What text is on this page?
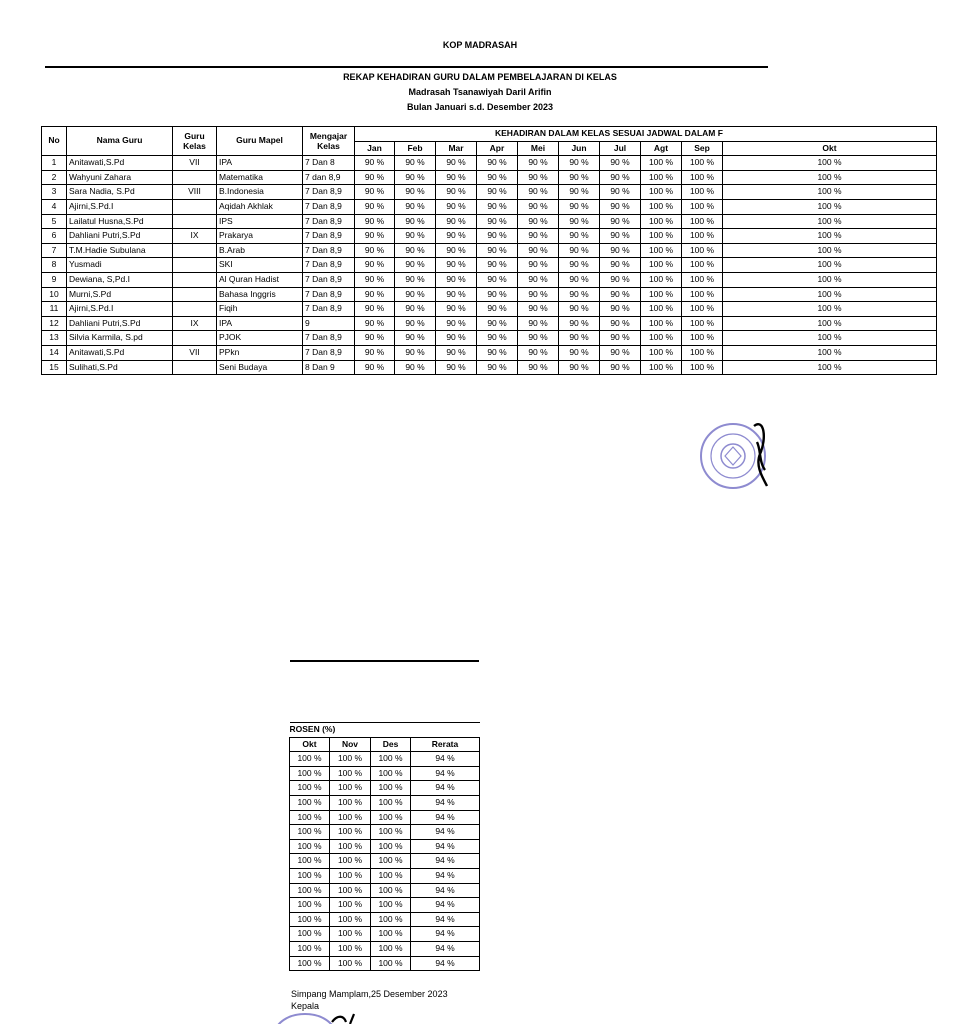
KOP MADRASAH
REKAP KEHADIRAN GURU DALAM PEMBELAJARAN DI KELAS
Madrasah Tsanawiyah Daril Arifin
Bulan Januari s.d. Desember 2023
No	Nama Guru	Guru Kelas	Guru Mapel	Mengajar Kelas	KEHADIRAN DALAM KELAS SESUAI JADWAL DALAM F									
					Jan	Feb	Mar	Apr	Mei	Jun	Jul	Agt	Sep	Okt
1	Anitawati,S.Pd	VII	IPA	7 Dan 8	90 %	90 %	90 %	90 %	90 %	90 %	90 %	100 %	100 %	100 %
2	Wahyuni Zahara		Matematika	7 dan 8,9	90 %	90 %	90 %	90 %	90 %	90 %	90 %	100 %	100 %	100 %
3	Sara Nadia, S.Pd	VIII	B.Indonesia	7 Dan 8,9	90 %	90 %	90 %	90 %	90 %	90 %	90 %	100 %	100 %	100 %
4	Ajirni,S.Pd.I		Aqidah Akhlak	7 Dan 8,9	90 %	90 %	90 %	90 %	90 %	90 %	90 %	100 %	100 %	100 %
5	Lailatul Husna,S.Pd		IPS	7 Dan 8,9	90 %	90 %	90 %	90 %	90 %	90 %	90 %	100 %	100 %	100 %
6	Dahliani Putri,S.Pd	IX	Prakarya	7 Dan 8,9	90 %	90 %	90 %	90 %	90 %	90 %	90 %	100 %	100 %	100 %
7	T.M.Hadie Subulana		B.Arab	7 Dan 8,9	90 %	90 %	90 %	90 %	90 %	90 %	90 %	100 %	100 %	100 %
8	Yusmadi		SKI	7 Dan 8,9	90 %	90 %	90 %	90 %	90 %	90 %	90 %	100 %	100 %	100 %
9	Dewiana, S,Pd.I		Al Quran Hadist	7 Dan 8,9	90 %	90 %	90 %	90 %	90 %	90 %	90 %	100 %	100 %	100 %
10	Murni,S.Pd		Bahasa Inggris	7 Dan 8,9	90 %	90 %	90 %	90 %	90 %	90 %	90 %	100 %	100 %	100 %
11	Ajirni,S.Pd.I		Fiqih	7 Dan 8,9	90 %	90 %	90 %	90 %	90 %	90 %	90 %	100 %	100 %	100 %
12	Dahliani Putri,S.Pd	IX	IPA	9	90 %	90 %	90 %	90 %	90 %	90 %	90 %	100 %	100 %	100 %
13	Silvia Karmila, S.pd		PJOK	7 Dan 8,9	90 %	90 %	90 %	90 %	90 %	90 %	90 %	100 %	100 %	100 %
14	Anitawati,S.Pd	VII	PPkn	7 Dan 8,9	90 %	90 %	90 %	90 %	90 %	90 %	90 %	100 %	100 %	100 %
15	Sulihati,S.Pd		Seni Budaya	8 Dan 9	90 %	90 %	90 %	90 %	90 %	90 %	90 %	100 %	100 %	100 %
ROSEN (%)			
Okt	Nov	Des	Rerata
100 %	100 %	100 %	94 %
100 %	100 %	100 %	94 %
100 %	100 %	100 %	94 %
100 %	100 %	100 %	94 %
100 %	100 %	100 %	94 %
100 %	100 %	100 %	94 %
100 %	100 %	100 %	94 %
100 %	100 %	100 %	94 %
100 %	100 %	100 %	94 %
100 %	100 %	100 %	94 %
100 %	100 %	100 %	94 %
100 %	100 %	100 %	94 %
100 %	100 %	100 %	94 %
100 %	100 %	100 %	94 %
100 %	100 %	100 %	94 %
Simpang Mamplam,25 Desember 2023
Kepala
